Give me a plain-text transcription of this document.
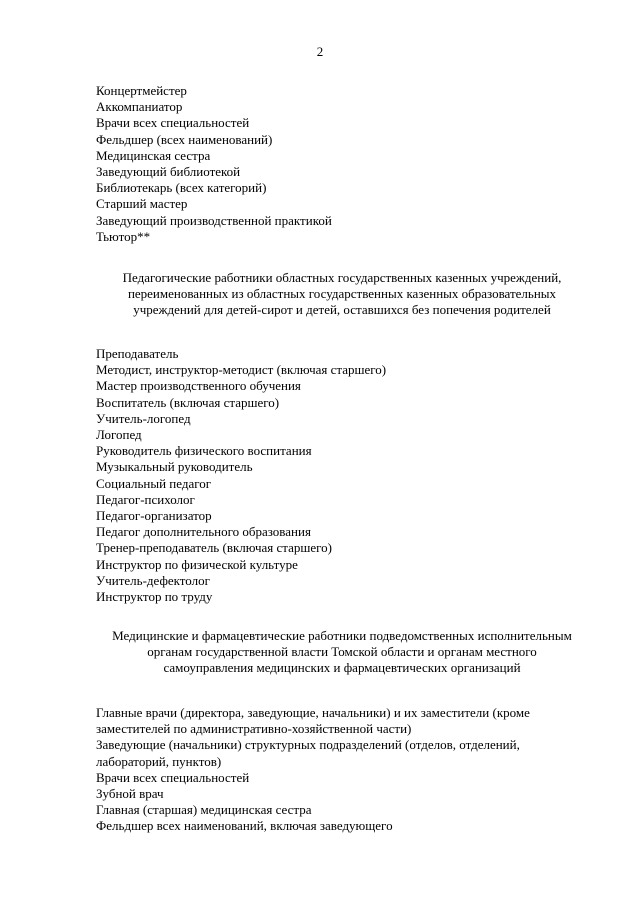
2
Концертмейстер
Аккомпаниатор
Врачи всех специальностей
Фельдшер (всех наименований)
Медицинская сестра
Заведующий библиотекой
Библиотекарь (всех категорий)
Старший мастер
Заведующий производственной практикой
Тьютор**
Педагогические работники областных государственных казенных учреждений,
переименованных из областных государственных казенных образовательных
учреждений для детей-сирот и детей, оставшихся без попечения родителей
Преподаватель
Методист, инструктор-методист (включая старшего)
Мастер производственного обучения
Воспитатель (включая старшего)
Учитель-логопед
Логопед
Руководитель физического воспитания
Музыкальный руководитель
Социальный педагог
Педагог-психолог
Педагог-организатор
Педагог дополнительного образования
Тренер-преподаватель (включая старшего)
Инструктор по физической культуре
Учитель-дефектолог
Инструктор по труду
Медицинские и фармацевтические работники подведомственных исполнительным
органам государственной власти Томской области и органам местного
самоуправления медицинских и фармацевтических организаций
Главные врачи (директора, заведующие, начальники) и их заместители (кроме заместителей по административно-хозяйственной части)
Заведующие (начальники) структурных подразделений (отделов, отделений, лабораторий, пунктов)
Врачи всех специальностей
Зубной врач
Главная (старшая) медицинская сестра
Фельдшер всех наименований, включая заведующего
